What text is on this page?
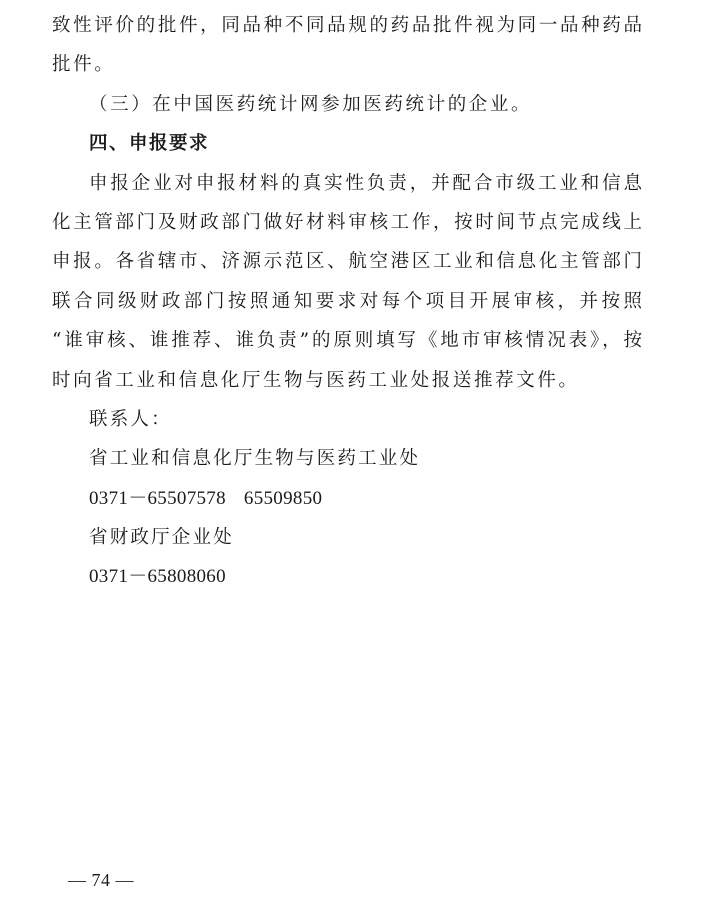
致性评价的批件，同品种不同品规的药品批件视为同一品种药品
批件。
（三）在中国医药统计网参加医药统计的企业。
四、申报要求
申报企业对申报材料的真实性负责，并配合市级工业和信息
化主管部门及财政部门做好材料审核工作，按时间节点完成线上
申报。各省辖市、济源示范区、航空港区工业和信息化主管部门
联合同级财政部门按照通知要求对每个项目开展审核，并按照
“谁审核、谁推荐、谁负责”的原则填写《地市审核情况表》，按
时向省工业和信息化厅生物与医药工业处报送推荐文件。
联系人：
省工业和信息化厅生物与医药工业处
0371－65507578 65509850
省财政厅企业处
0371－65808060
— 74 —
